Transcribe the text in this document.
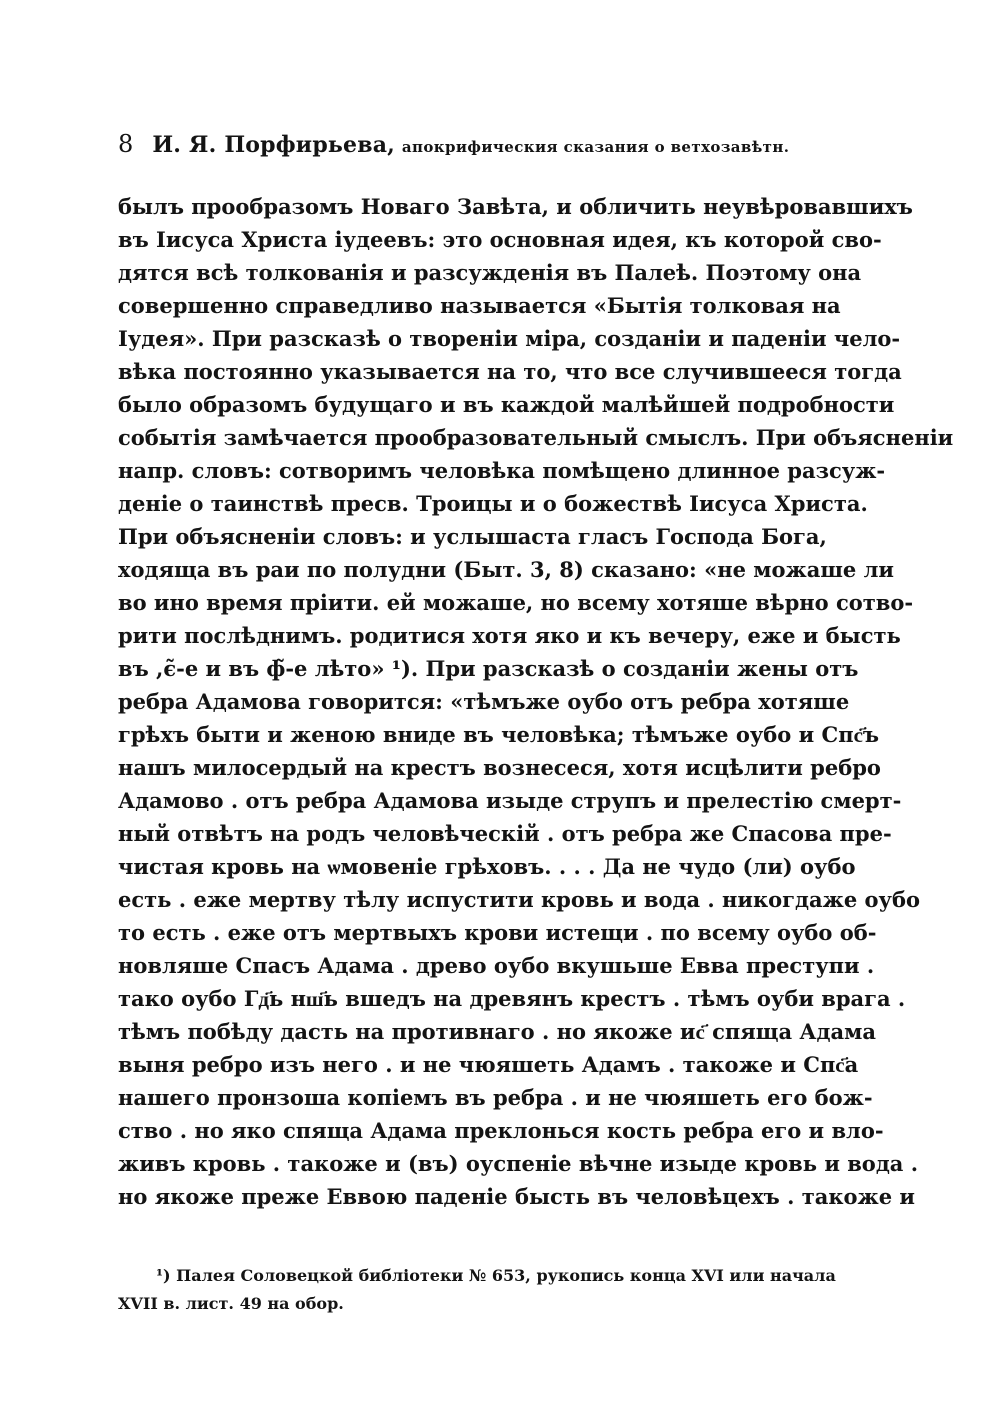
8 И. Я. Порфирьева, апокрифическия сказания о ветхозавѣтн.
былъ прообразомъ Новаго Завѣта, и обличить неувѣровавшихъ
въ Іисуса Христа іудеевъ: это основная идея, къ которой сво-
дятся всѣ толкованія и разсужденія въ Палеѣ. Поэтому она
совершенно справедливо называется «Бытія толковая на
Іудея». При разсказѣ о твореніи міра, созданіи и паденіи чело-
вѣка постоянно указывается на то, что все случившееся тогда
было образомъ будущаго и въ каждой малѣйшей подробности
событія замѣчается прообразовательный смыслъ. При объясненіи
напр. словъ: сотворимъ человѣка помѣщено длинное разсуж-
деніе о таинствѣ пресв. Троицы и о божествѣ Іисуса Христа.
При объясненіи словъ: и услышаста гласъ Господа Бога,
ходяща въ раи по полудни (Быт. 3, 8) сказано: «не можаше ли
во ино время пріити. ей можаше, но всему хотяше вѣрно сотво-
рити послѣднимъ. родитися хотя яко и къ вечеру, еже и бысть
въ ,є̃-е и въ ф̃-е лѣто» ¹). При разсказѣ о созданіи жены отъ
ребра Адамова говорится: «тѣмъже оубо отъ ребра хотяше
грѣхъ быти и женою вниде въ человѣка; тѣмъже оубо и Спс҃ъ
нашъ милосердый на крестъ вознесеся, хотя исцѣлити ребро
Адамово . отъ ребра Адамова изыде струпъ и прелестію смерт-
ный отвѣтъ на родъ человѣческій . отъ ребра же Спасова пре-
чистая кровь на ѡмовеніе грѣховъ. . . . Да не чудо (ли) оубо
есть . еже мертву тѣлу испустити кровь и вода . никогдаже оубо
то есть . еже отъ мертвыхъ крови истещи . по всему оубо об-
новляше Спасъ Адама . древо оубо вкушьше Евва преступи .
тако оубо Гд҃ь нш҃ь вшедъ на древянъ крестъ . тѣмъ оуби врага .
тѣмъ побѣду дасть на противнаго . но якоже ис҃ спяща Адама
выня ребро изъ него . и не чюяшеть Адамъ . такоже и Спс҃а
нашего пронзоша копіемъ въ ребра . и не чюяшеть его бож-
ство . но яко спяща Адама преклонься кость ребра его и вло-
живъ кровь . такоже и (въ) оуспеніе вѣчне изыде кровь и вода .
но якоже преже Еввою паденіе бысть въ человѣцехъ . такоже и
¹) Палея Соловецкой библіотеки № 653, рукопись конца XVI или начала
XVII в. лист. 49 на обор.
